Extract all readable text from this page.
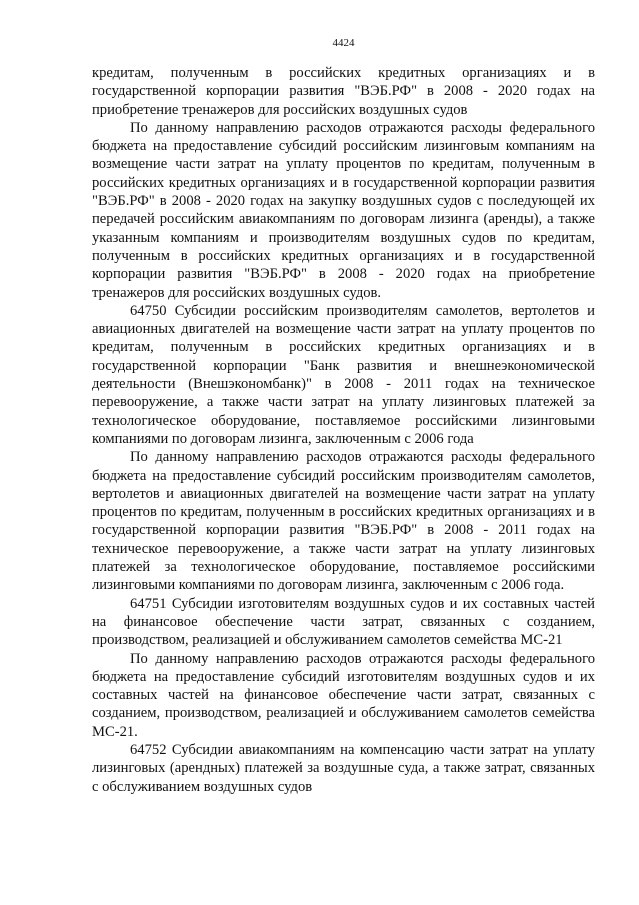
4424

кредитам, полученным в российских кредитных организациях и в государственной корпорации развития "ВЭБ.РФ" в 2008 - 2020 годах на приобретение тренажеров для российских воздушных судов

По данному направлению расходов отражаются расходы федерального бюджета на предоставление субсидий российским лизинговым компаниям на возмещение части затрат на уплату процентов по кредитам, полученным в российских кредитных организациях и в государственной корпорации развития "ВЭБ.РФ" в 2008 - 2020 годах на закупку воздушных судов с последующей их передачей российским авиакомпаниям по договорам лизинга (аренды), а также указанным компаниям и производителям воздушных судов по кредитам, полученным в российских кредитных организациях и в государственной корпорации развития "ВЭБ.РФ" в 2008 - 2020 годах на приобретение тренажеров для российских воздушных судов.

64750 Субсидии российским производителям самолетов, вертолетов и авиационных двигателей на возмещение части затрат на уплату процентов по кредитам, полученным в российских кредитных организациях и в государственной корпорации "Банк развития и внешнеэкономической деятельности (Внешэкономбанк)" в 2008 - 2011 годах на техническое перевооружение, а также части затрат на уплату лизинговых платежей за технологическое оборудование, поставляемое российскими лизинговыми компаниями по договорам лизинга, заключенным с 2006 года

По данному направлению расходов отражаются расходы федерального бюджета на предоставление субсидий российским производителям самолетов, вертолетов и авиационных двигателей на возмещение части затрат на уплату процентов по кредитам, полученным в российских кредитных организациях и в государственной корпорации развития "ВЭБ.РФ" в 2008 - 2011 годах на техническое перевооружение, а также части затрат на уплату лизинговых платежей за технологическое оборудование, поставляемое российскими лизинговыми компаниями по договорам лизинга, заключенным с 2006 года.

64751 Субсидии изготовителям воздушных судов и их составных частей на финансовое обеспечение части затрат, связанных с созданием, производством, реализацией и обслуживанием самолетов семейства МС-21

По данному направлению расходов отражаются расходы федерального бюджета на предоставление субсидий изготовителям воздушных судов и их составных частей на финансовое обеспечение части затрат, связанных с созданием, производством, реализацией и обслуживанием самолетов семейства МС-21.

64752 Субсидии авиакомпаниям на компенсацию части затрат на уплату лизинговых (арендных) платежей за воздушные суда, а также затрат, связанных с обслуживанием воздушных судов
